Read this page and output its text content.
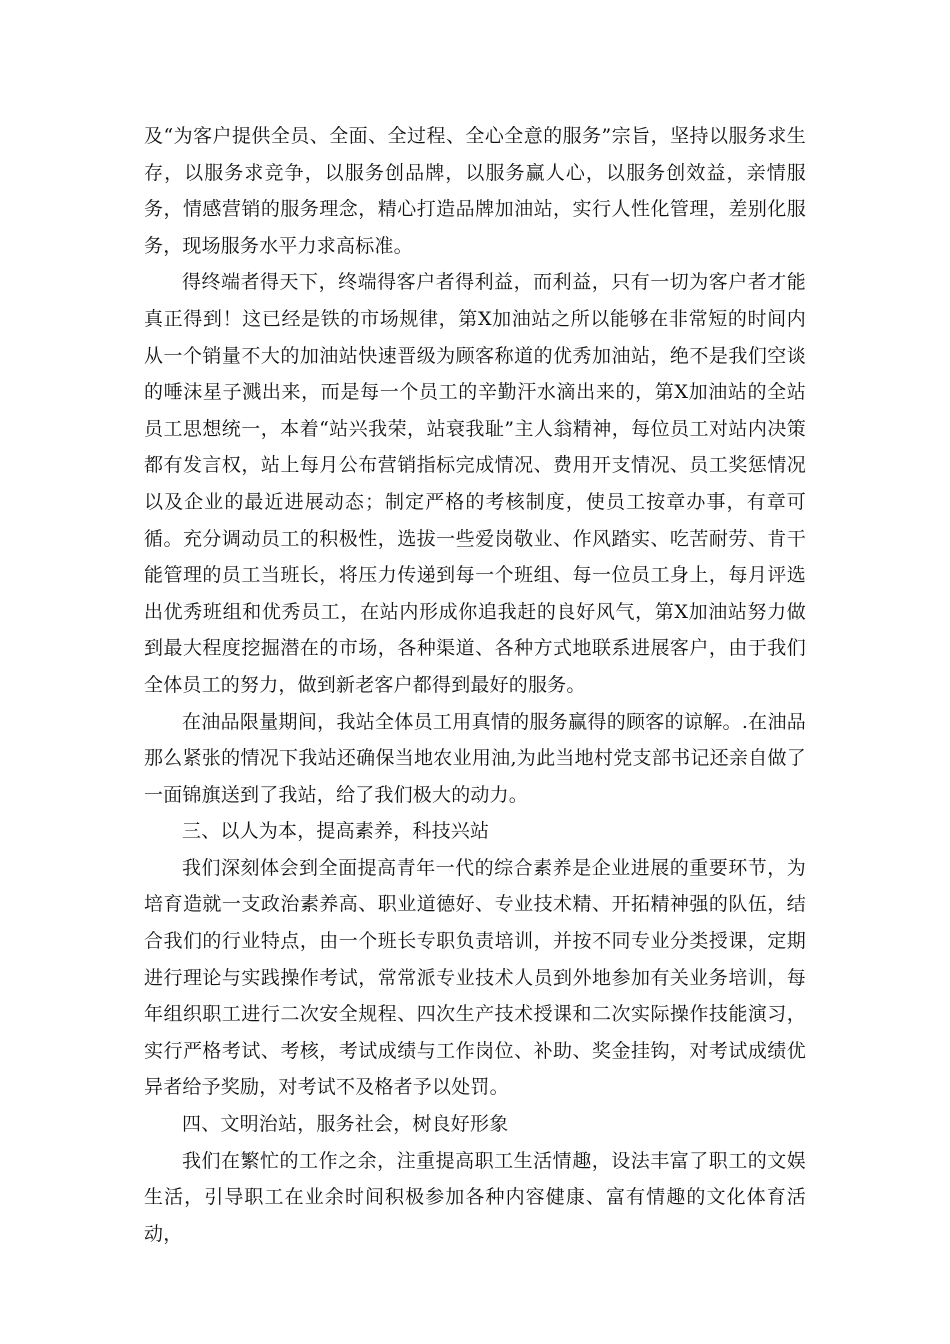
及“为客户提供全员、全面、全过程、全心全意的服务”宗旨，坚持以服务求生存，以服务求竞争，以服务创品牌，以服务赢人心，以服务创效益，亲情服务，情感营销的服务理念，精心打造品牌加油站，实行人性化管理，差别化服务，现场服务水平力求高标准。

得终端者得天下，终端得客户者得利益，而利益，只有一切为客户者才能真正得到！这已经是铁的市场规律，第X加油站之所以能够在非常短的时间内从一个销量不大的加油站快速晋级为顾客称道的优秀加油站，绝不是我们空谈的唾沫星子溅出来，而是每一个员工的辛勤汗水滴出来的，第X加油站的全站员工思想统一，本着“站兴我荣，站衰我耻”主人翁精神，每位员工对站内决策都有发言权，站上每月公布营销指标完成情况、费用开支情况、员工奖惩情况以及企业的最近进展动态；制定严格的考核制度，使员工按章办事，有章可循。充分调动员工的积极性，选拔一些爱岗敬业、作风踏实、吃苦耐劳、肯干能管理的员工当班长，将压力传递到每一个班组、每一位员工身上，每月评选出优秀班组和优秀员工，在站内形成你追我赶的良好风气，第X加油站努力做到最大程度挖掘潜在的市场，各种渠道、各种方式地联系进展客户，由于我们全体员工的努力，做到新老客户都得到最好的服务。

在油品限量期间，我站全体员工用真情的服务赢得的顾客的谅解。.在油品那么紧张的情况下我站还确保当地农业用油,为此当地村党支部书记还亲自做了一面锦旗送到了我站，给了我们极大的动力。

三、以人为本，提高素养，科技兴站

我们深刻体会到全面提高青年一代的综合素养是企业进展的重要环节，为培育造就一支政治素养高、职业道德好、专业技术精、开拓精神强的队伍，结合我们的行业特点，由一个班长专职负责培训，并按不同专业分类授课，定期进行理论与实践操作考试，常常派专业技术人员到外地参加有关业务培训，每年组织职工进行二次安全规程、四次生产技术授课和二次实际操作技能演习，实行严格考试、考核，考试成绩与工作岗位、补助、奖金挂钩，对考试成绩优异者给予奖励，对考试不及格者予以处罚。

四、文明治站，服务社会，树良好形象

我们在繁忙的工作之余，注重提高职工生活情趣，设法丰富了职工的文娱生活，引导职工在业余时间积极参加各种内容健康、富有情趣的文化体育活动，
